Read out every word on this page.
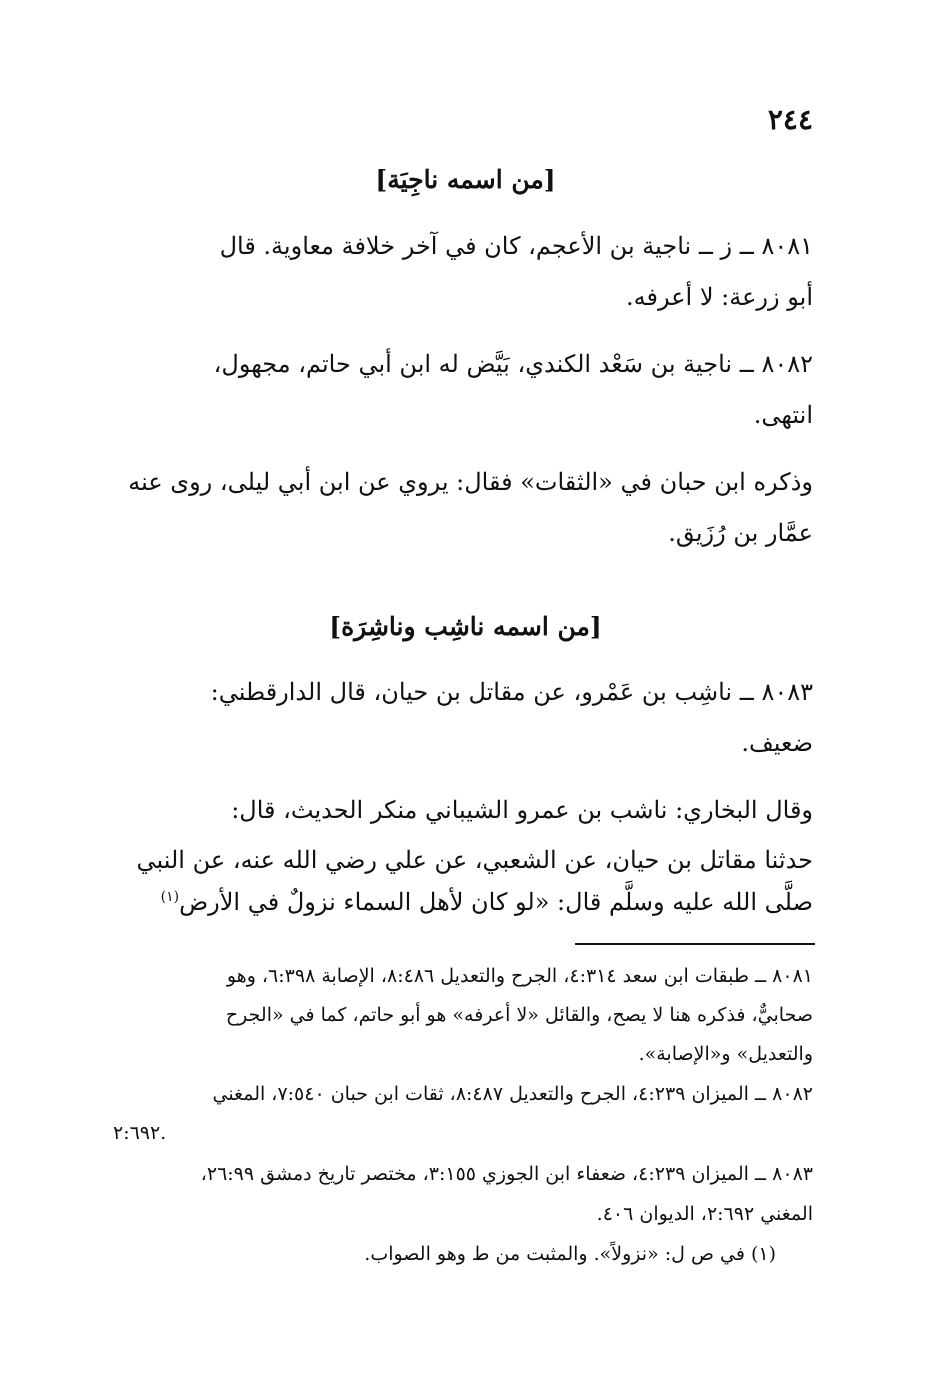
٢٤٤
[من اسمه ناجِيَة]
٨٠٨١ ــ ز ــ ناجية بن الأعجم، كان في آخر خلافة معاوية. قال
أبو زرعة: لا أعرفه.
٨٠٨٢ ــ ناجية بن سَعْد الكندي، بَيَّض له ابن أبي حاتم، مجهول،
انتهى.
وذكره ابن حبان في «الثقات» فقال: يروي عن ابن أبي ليلى، روى عنه
عمَّار بن رُزَيق.
[من اسمه ناشِب وناشِرَة]
٨٠٨٣ ــ ناشِب بن عَمْرو، عن مقاتل بن حيان، قال الدارقطني:
ضعيف.
وقال البخاري: ناشب بن عمرو الشيباني منكر الحديث، قال:
حدثنا مقاتل بن حيان، عن الشعبي، عن علي رضي الله عنه، عن النبي
صلَّى الله عليه وسلَّم قال: «لو كان لأهل السماء نزولٌ في الأرض$^{(١)}$
٨٠٨١ ــ طبقات ابن سعد ٤:٣١٤، الجرح والتعديل ٨:٤٨٦، الإصابة ٦:٣٩٨، وهو
صحابيٌّ، فذكره هنا لا يصح، والقائل «لا أعرفه» هو أبو حاتم، كما في «الجرح
والتعديل» و«الإصابة».
٨٠٨٢ ــ الميزان ٤:٢٣٩، الجرح والتعديل ٨:٤٨٧، ثقات ابن حبان ٧:٥٤٠، المغني
٢:٦٩٢.
٨٠٨٣ ــ الميزان ٤:٢٣٩، ضعفاء ابن الجوزي ٣:١٥٥، مختصر تاريخ دمشق ٢٦:٩٩،
المغني ٢:٦٩٢، الديوان ٤٠٦.
(١) في ص ل: «نزولاً». والمثبت من ط وهو الصواب.
